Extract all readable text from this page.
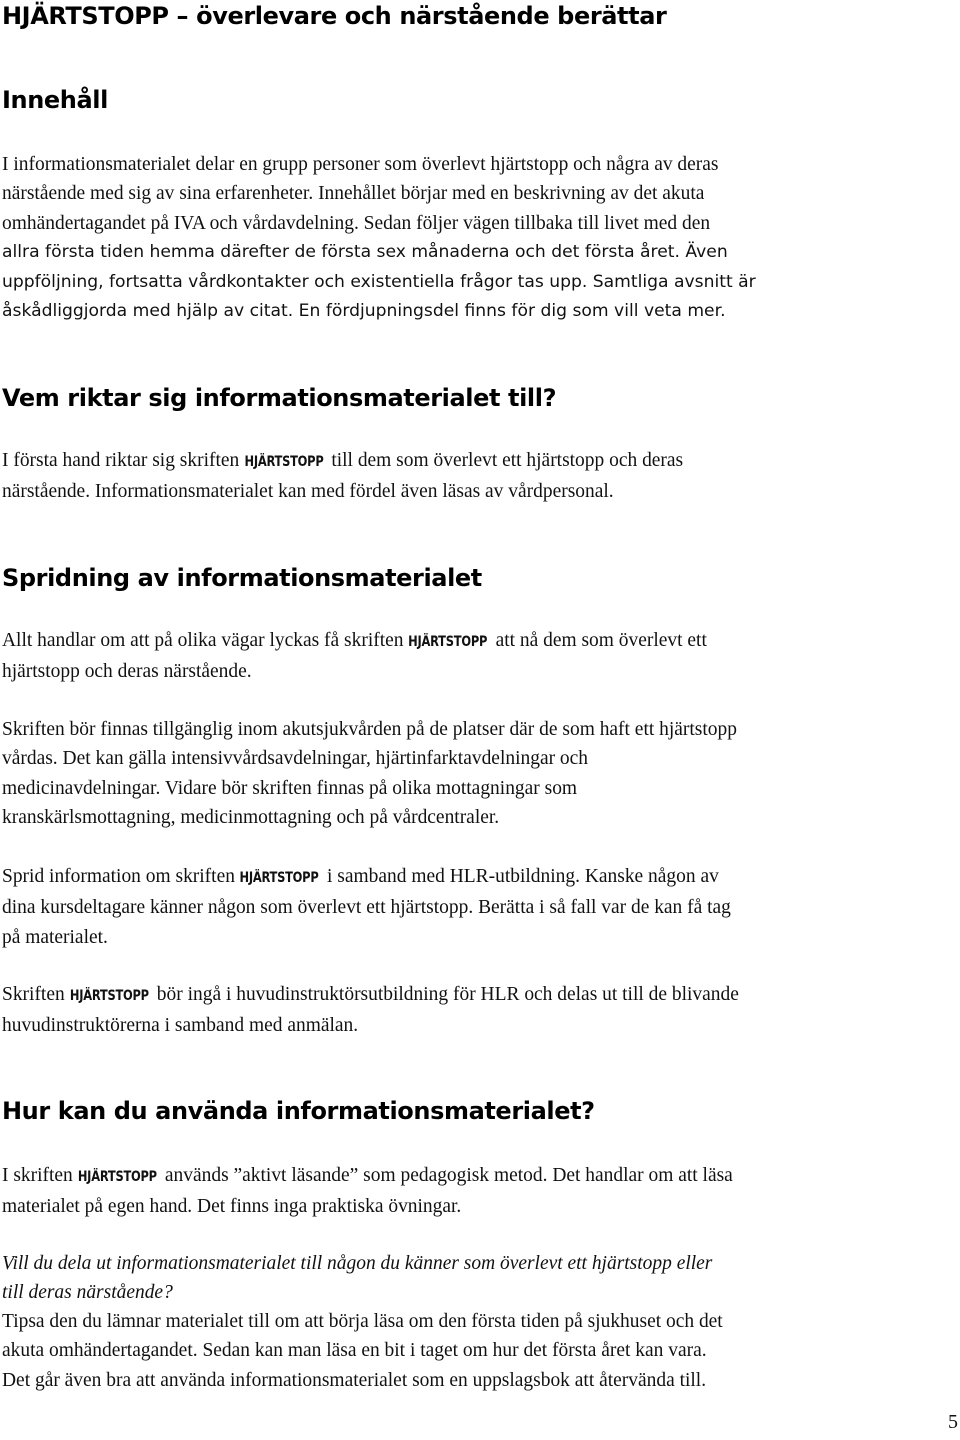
HJÄRTSTOPP – överlevare och närstående berättar
Innehåll
I informationsmaterialet delar en grupp personer som överlevt hjärtstopp och några av deras
närstående med sig av sina erfarenheter. Innehållet börjar med en beskrivning av det akuta
omhändertagandet på IVA och vårdavdelning. Sedan följer vägen tillbaka till livet med den
allra första tiden hemma därefter de första sex månaderna och det första året. Även
uppföljning, fortsatta vårdkontakter och existentiella frågor tas upp. Samtliga avsnitt är
åskådliggjorda med hjälp av citat. En fördjupningsdel finns för dig som vill veta mer.
Vem riktar sig informationsmaterialet till?
I första hand riktar sig skriften HJÄRTSTOPP till dem som överlevt ett hjärtstopp och deras
närstående. Informationsmaterialet kan med fördel även läsas av vårdpersonal.
Spridning av informationsmaterialet
Allt handlar om att på olika vägar lyckas få skriften HJÄRTSTOPP att nå dem som överlevt ett
hjärtstopp och deras närstående.
Skriften bör finnas tillgänglig inom akutsjukvården på de platser där de som haft ett hjärtstopp
vårdas. Det kan gälla intensivvårdsavdelningar, hjärtinfarktavdelningar och
medicinavdelningar. Vidare bör skriften finnas på olika mottagningar som
kranskärlsmottagning, medicinmottagning och på vårdcentraler.
Sprid information om skriften HJÄRTSTOPP i samband med HLR-utbildning. Kanske någon av
dina kursdeltagare känner någon som överlevt ett hjärtstopp. Berätta i så fall var de kan få tag
på materialet.
Skriften HJÄRTSTOPP bör ingå i huvudinstruktörsutbildning för HLR och delas ut till de blivande
huvudinstruktörerna i samband med anmälan.
Hur kan du använda informationsmaterialet?
I skriften HJÄRTSTOPP används ”aktivt läsande” som pedagogisk metod. Det handlar om att läsa
materialet på egen hand. Det finns inga praktiska övningar.
Vill du dela ut informationsmaterialet till någon du känner som överlevt ett hjärtstopp eller
till deras närstående?
Tipsa den du lämnar materialet till om att börja läsa om den första tiden på sjukhuset och det
akuta omhändertagandet. Sedan kan man läsa en bit i taget om hur det första året kan vara.
Det går även bra att använda informationsmaterialet som en uppslagsbok att återvända till.
5
